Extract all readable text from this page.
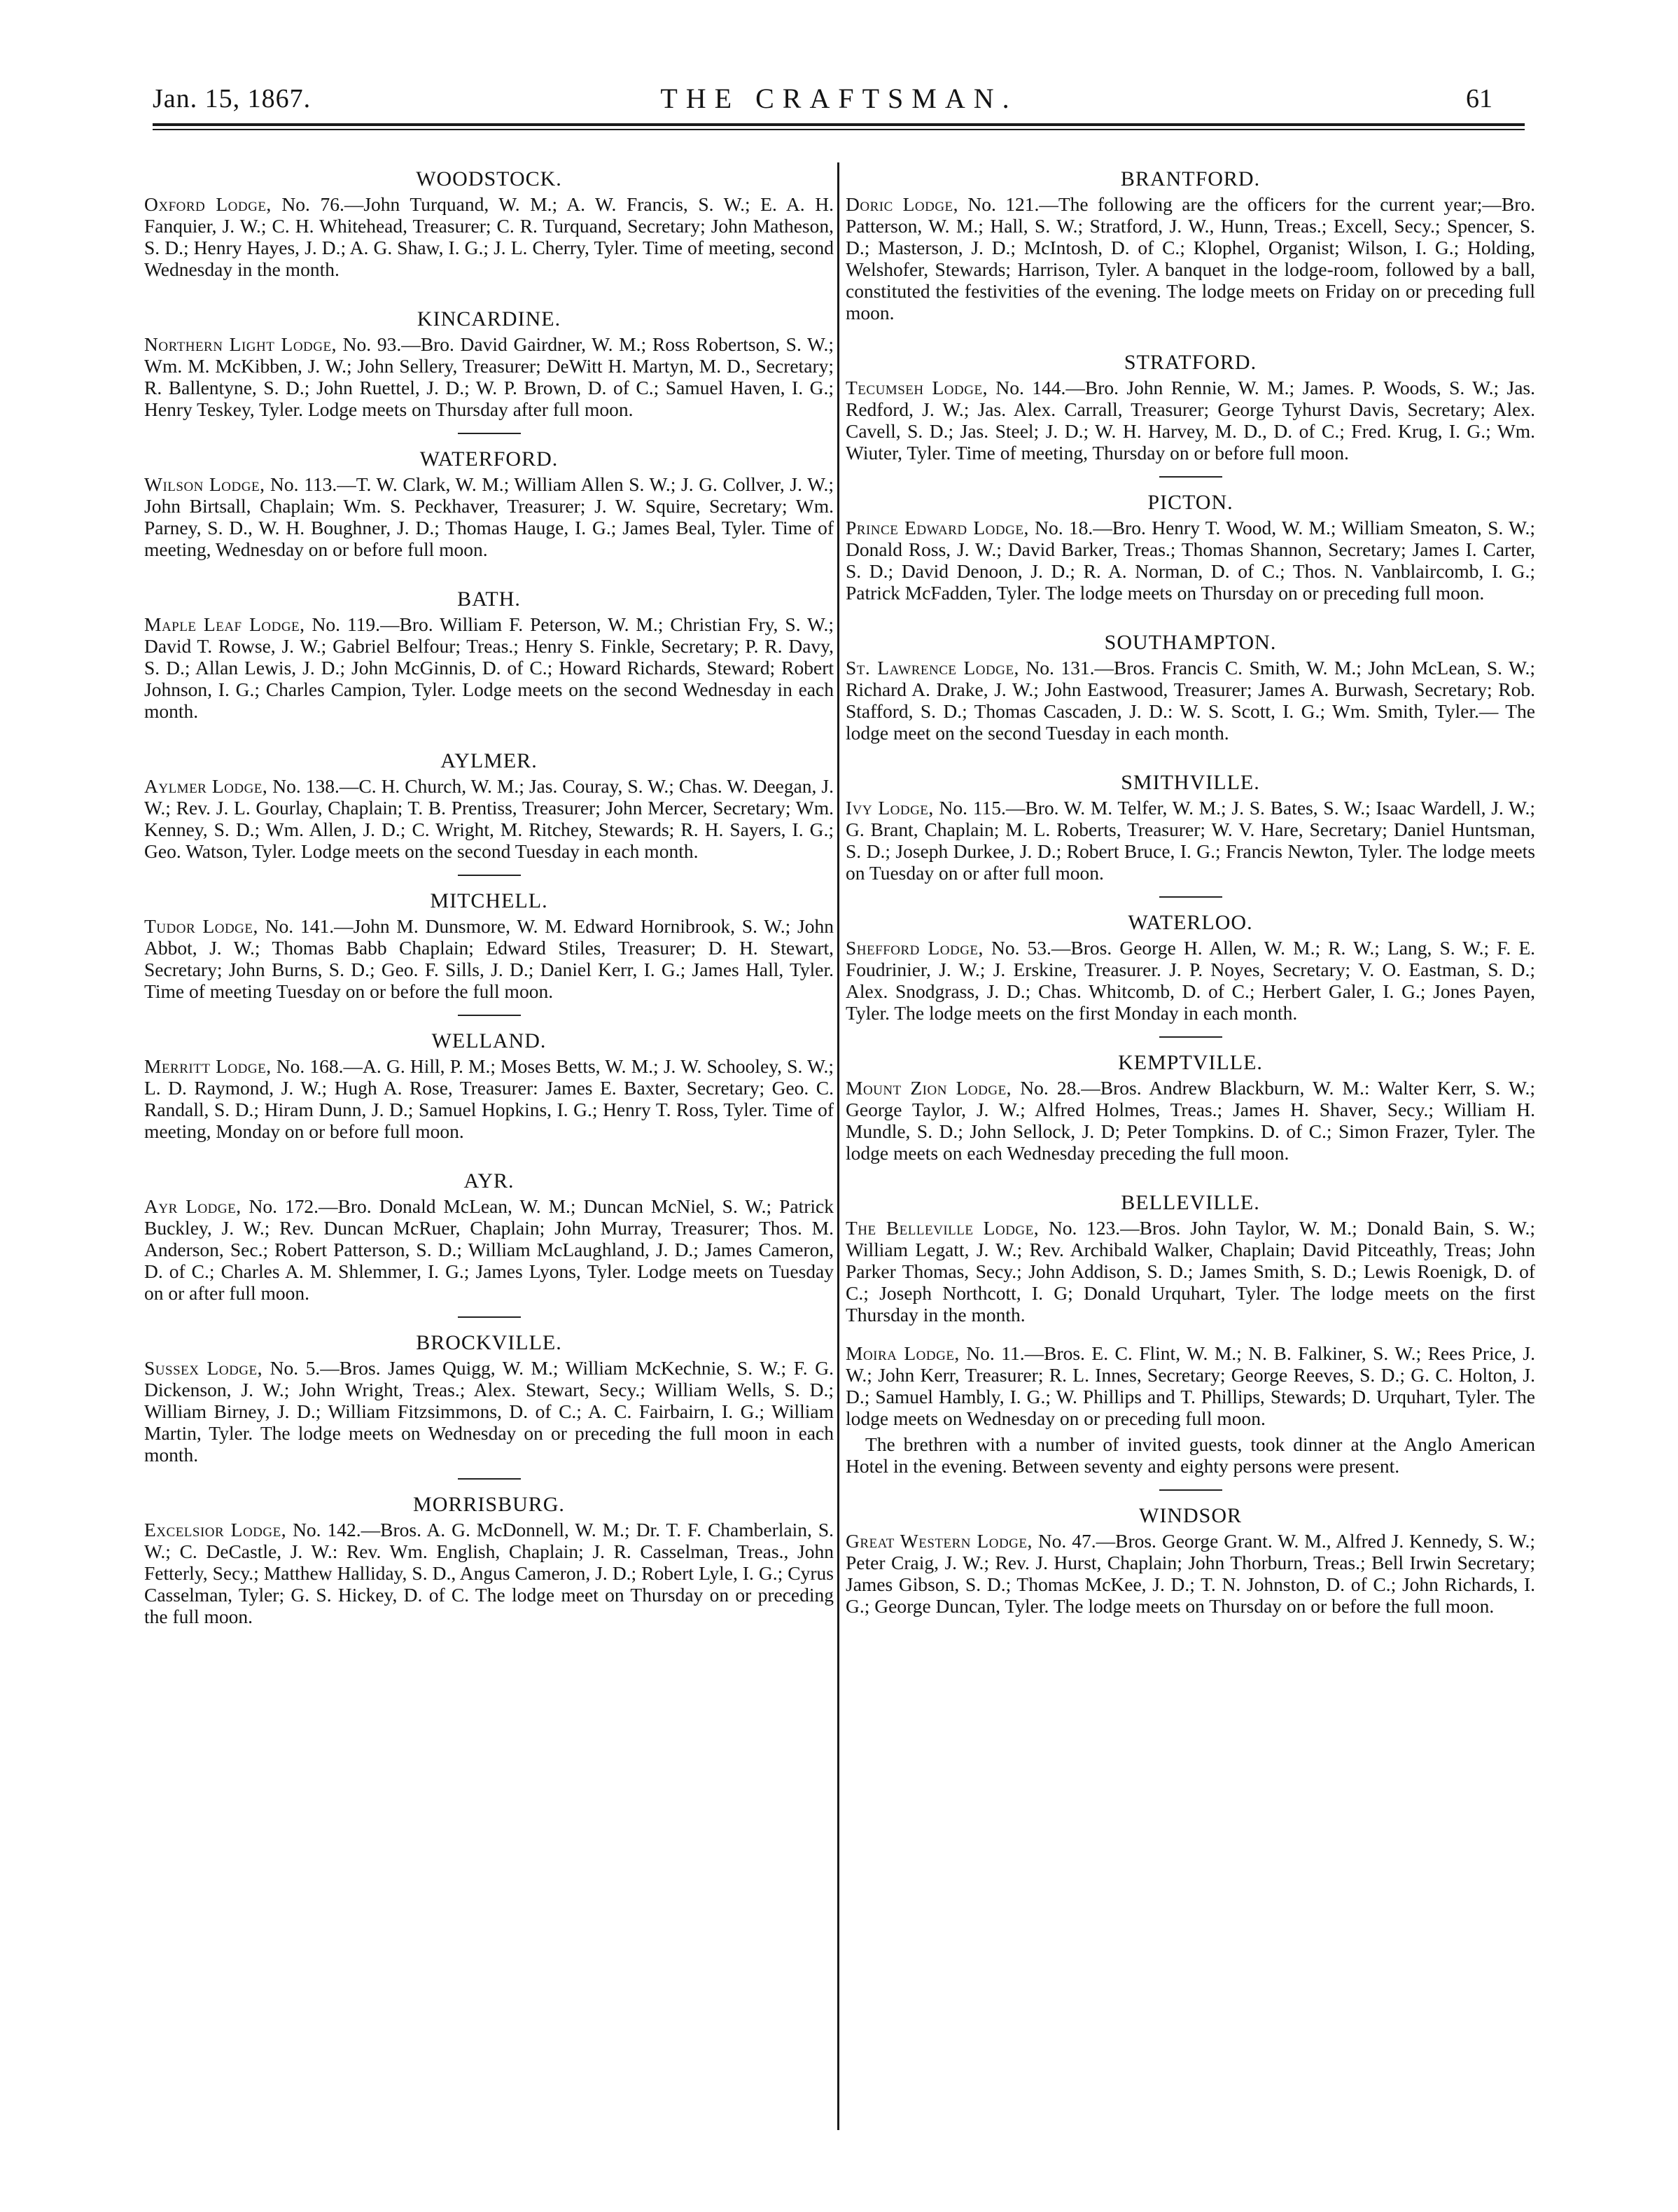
Jan. 15, 1867.	THE CRAFTSMAN.	61
WOODSTOCK.

Oxford Lodge, No. 76.—John Turquand, W. M.; A. W. Francis, S. W.; E. A. H. Fanquier, J. W.; C. H. Whitehead, Treasurer; C. R. Turquand, Secretary; John Matheson, S. D.; Henry Hayes, J. D.; A. G. Shaw, I. G.; J. L. Cherry, Tyler. Time of meeting, second Wednesday in the month.

KINCARDINE.

Northern Light Lodge, No. 93.—Bro. David Gairdner, W. M.; Ross Robertson, S. W.; Wm. M. McKibben, J. W.; John Sellery, Treasurer; DeWitt H. Martyn, M. D., Secretary; R. Ballentyne, S. D.; John Ruettel, J. D.; W. P. Brown, D. of C.; Samuel Haven, I. G.; Henry Teskey, Tyler. Lodge meets on Thursday after full moon.

WATERFORD.

Wilson Lodge, No. 113.—T. W. Clark, W. M.; William Allen S. W.; J. G. Collver, J. W.; John Birtsall, Chaplain; Wm. S. Peckhaver, Treasurer; J. W. Squire, Secretary; Wm. Parney, S. D., W. H. Boughner, J. D.; Thomas Hauge, I. G.; James Beal, Tyler. Time of meeting, Wednesday on or before full moon.

BATH.

Maple Leaf Lodge, No. 119.—Bro. William F. Peterson, W. M.; Christian Fry, S. W.; David T. Rowse, J. W.; Gabriel Belfour; Treas.; Henry S. Finkle, Secretary; P. R. Davy, S. D.; Allan Lewis, J. D.; John McGinnis, D. of C.; Howard Richards, Steward; Robert Johnson, I. G.; Charles Campion, Tyler. Lodge meets on the second Wednesday in each month.

AYLMER.

Aylmer Lodge, No. 138.—C. H. Church, W. M.; Jas. Couray, S. W.; Chas. W. Deegan, J. W.; Rev. J. L. Gourlay, Chaplain; T. B. Prentiss, Treasurer; John Mercer, Secretary; Wm. Kenney, S. D.; Wm. Allen, J. D.; C. Wright, M. Ritchey, Stewards; R. H. Sayers, I. G.; Geo. Watson, Tyler. Lodge meets on the second Tuesday in each month.

MITCHELL.

Tudor Lodge, No. 141.—John M. Dunsmore, W. M. Edward Hornibrook, S. W.; John Abbot, J. W.; Thomas Babb Chaplain; Edward Stiles, Treasurer; D. H. Stewart, Secretary; John Burns, S. D.; Geo. F. Sills, J. D.; Daniel Kerr, I. G.; James Hall, Tyler. Time of meeting Tuesday on or before the full moon.

WELLAND.

Merritt Lodge, No. 168.—A. G. Hill, P. M.; Moses Betts, W. M.; J. W. Schooley, S. W.; L. D. Raymond, J. W.; Hugh A. Rose, Treasurer: James E. Baxter, Secretary; Geo. C. Randall, S. D.; Hiram Dunn, J. D.; Samuel Hopkins, I. G.; Henry T. Ross, Tyler. Time of meeting, Monday on or before full moon.

AYR.

Ayr Lodge, No. 172.—Bro. Donald McLean, W. M.; Duncan McNiel, S. W.; Patrick Buckley, J. W.; Rev. Duncan McRuer, Chaplain; John Murray, Treasurer; Thos. M. Anderson, Sec.; Robert Patterson, S. D.; William McLaughland, J. D.; James Cameron, D. of C.; Charles A. M. Shlemmer, I. G.; James Lyons, Tyler. Lodge meets on Tuesday on or after full moon.

BROCKVILLE.

Sussex Lodge, No. 5.—Bros. James Quigg, W. M.; William McKechnie, S. W.; F. G. Dickenson, J. W.; John Wright, Treas.; Alex. Stewart, Secy.; William Wells, S. D.; William Birney, J. D.; William Fitzsimmons, D. of C.; A. C. Fairbairn, I. G.; William Martin, Tyler. The lodge meets on Wednesday on or preceding the full moon in each month.

MORRISBURG.

Excelsior Lodge, No. 142.—Bros. A. G. McDonnell, W. M.; Dr. T. F. Chamberlain, S. W.; C. DeCastle, J. W.: Rev. Wm. English, Chaplain; J. R. Casselman, Treas., John Fetterly, Secy.; Matthew Halliday, S. D., Angus Cameron, J. D.; Robert Lyle, I. G.; Cyrus Casselman, Tyler; G. S. Hickey, D. of C. The lodge meet on Thursday on or preceding the full moon.

BRANTFORD.

Doric Lodge, No. 121.—The following are the officers for the current year;—Bro. Patterson, W. M.; Hall, S. W.; Stratford, J. W., Hunn, Treas.; Excell, Secy.; Spencer, S. D.; Masterson, J. D.; McIntosh, D. of C.; Klophel, Organist; Wilson, I. G.; Holding, Welshofer, Stewards; Harrison, Tyler. A banquet in the lodge-room, followed by a ball, constituted the festivities of the evening. The lodge meets on Friday on or preceding full moon.

STRATFORD.

Tecumseh Lodge, No. 144.—Bro. John Rennie, W. M.; James. P. Woods, S. W.; Jas. Redford, J. W.; Jas. Alex. Carrall, Treasurer; George Tyhurst Davis, Secretary; Alex. Cavell, S. D.; Jas. Steel; J. D.; W. H. Harvey, M. D., D. of C.; Fred. Krug, I. G.; Wm. Wiuter, Tyler. Time of meeting, Thursday on or before full moon.

PICTON.

Prince Edward Lodge, No. 18.—Bro. Henry T. Wood, W. M.; William Smeaton, S. W.; Donald Ross, J. W.; David Barker, Treas.; Thomas Shannon, Secretary; James I. Carter, S. D.; David Denoon, J. D.; R. A. Norman, D. of C.; Thos. N. Vanblaircomb, I. G.; Patrick McFadden, Tyler. The lodge meets on Thursday on or preceding full moon.

SOUTHAMPTON.

St. Lawrence Lodge, No. 131.—Bros. Francis C. Smith, W. M.; John McLean, S. W.; Richard A. Drake, J. W.; John Eastwood, Treasurer; James A. Burwash, Secretary; Rob. Stafford, S. D.; Thomas Cascaden, J. D.: W. S. Scott, I. G.; Wm. Smith, Tyler.— The lodge meet on the second Tuesday in each month.

SMITHVILLE.

Ivy Lodge, No. 115.—Bro. W. M. Telfer, W. M.; J. S. Bates, S. W.; Isaac Wardell, J. W.; G. Brant, Chaplain; M. L. Roberts, Treasurer; W. V. Hare, Secretary; Daniel Huntsman, S. D.; Joseph Durkee, J. D.; Robert Bruce, I. G.; Francis Newton, Tyler. The lodge meets on Tuesday on or after full moon.

WATERLOO.

Shefford Lodge, No. 53.—Bros. George H. Allen, W. M.; R. W.; Lang, S. W.; F. E. Foudrinier, J. W.; J. Erskine, Treasurer. J. P. Noyes, Secretary; V. O. Eastman, S. D.; Alex. Snodgrass, J. D.; Chas. Whitcomb, D. of C.; Herbert Galer, I. G.; Jones Payen, Tyler. The lodge meets on the first Monday in each month.

KEMPTVILLE.

Mount Zion Lodge, No. 28.—Bros. Andrew Blackburn, W. M.: Walter Kerr, S. W.; George Taylor, J. W.; Alfred Holmes, Treas.; James H. Shaver, Secy.; William H. Mundle, S. D.; John Sellock, J. D; Peter Tompkins. D. of C.; Simon Frazer, Tyler. The lodge meets on each Wednesday preceding the full moon.

BELLEVILLE.

The Belleville Lodge, No. 123.—Bros. John Taylor, W. M.; Donald Bain, S. W.; William Legatt, J. W.; Rev. Archibald Walker, Chaplain; David Pitceathly, Treas; John Parker Thomas, Secy.; John Addison, S. D.; James Smith, S. D.; Lewis Roenigk, D. of C.; Joseph Northcott, I. G; Donald Urquhart, Tyler. The lodge meets on the first Thursday in the month.

Moira Lodge, No. 11.—Bros. E. C. Flint, W. M.; N. B. Falkiner, S. W.; Rees Price, J. W.; John Kerr, Treasurer; R. L. Innes, Secretary; George Reeves, S. D.; G. C. Holton, J. D.; Samuel Hambly, I. G.; W. Phillips and T. Phillips, Stewards; D. Urquhart, Tyler. The lodge meets on Wednesday on or preceding full moon.

The brethren with a number of invited guests, took dinner at the Anglo American Hotel in the evening. Between seventy and eighty persons were present.

WINDSOR

Great Western Lodge, No. 47.—Bros. George Grant. W. M., Alfred J. Kennedy, S. W.; Peter Craig, J. W.; Rev. J. Hurst, Chaplain; John Thorburn, Treas.; Bell Irwin Secretary; James Gibson, S. D.; Thomas McKee, J. D.; T. N. Johnston, D. of C.; John Richards, I. G.; George Duncan, Tyler. The lodge meets on Thursday on or before the full moon.
